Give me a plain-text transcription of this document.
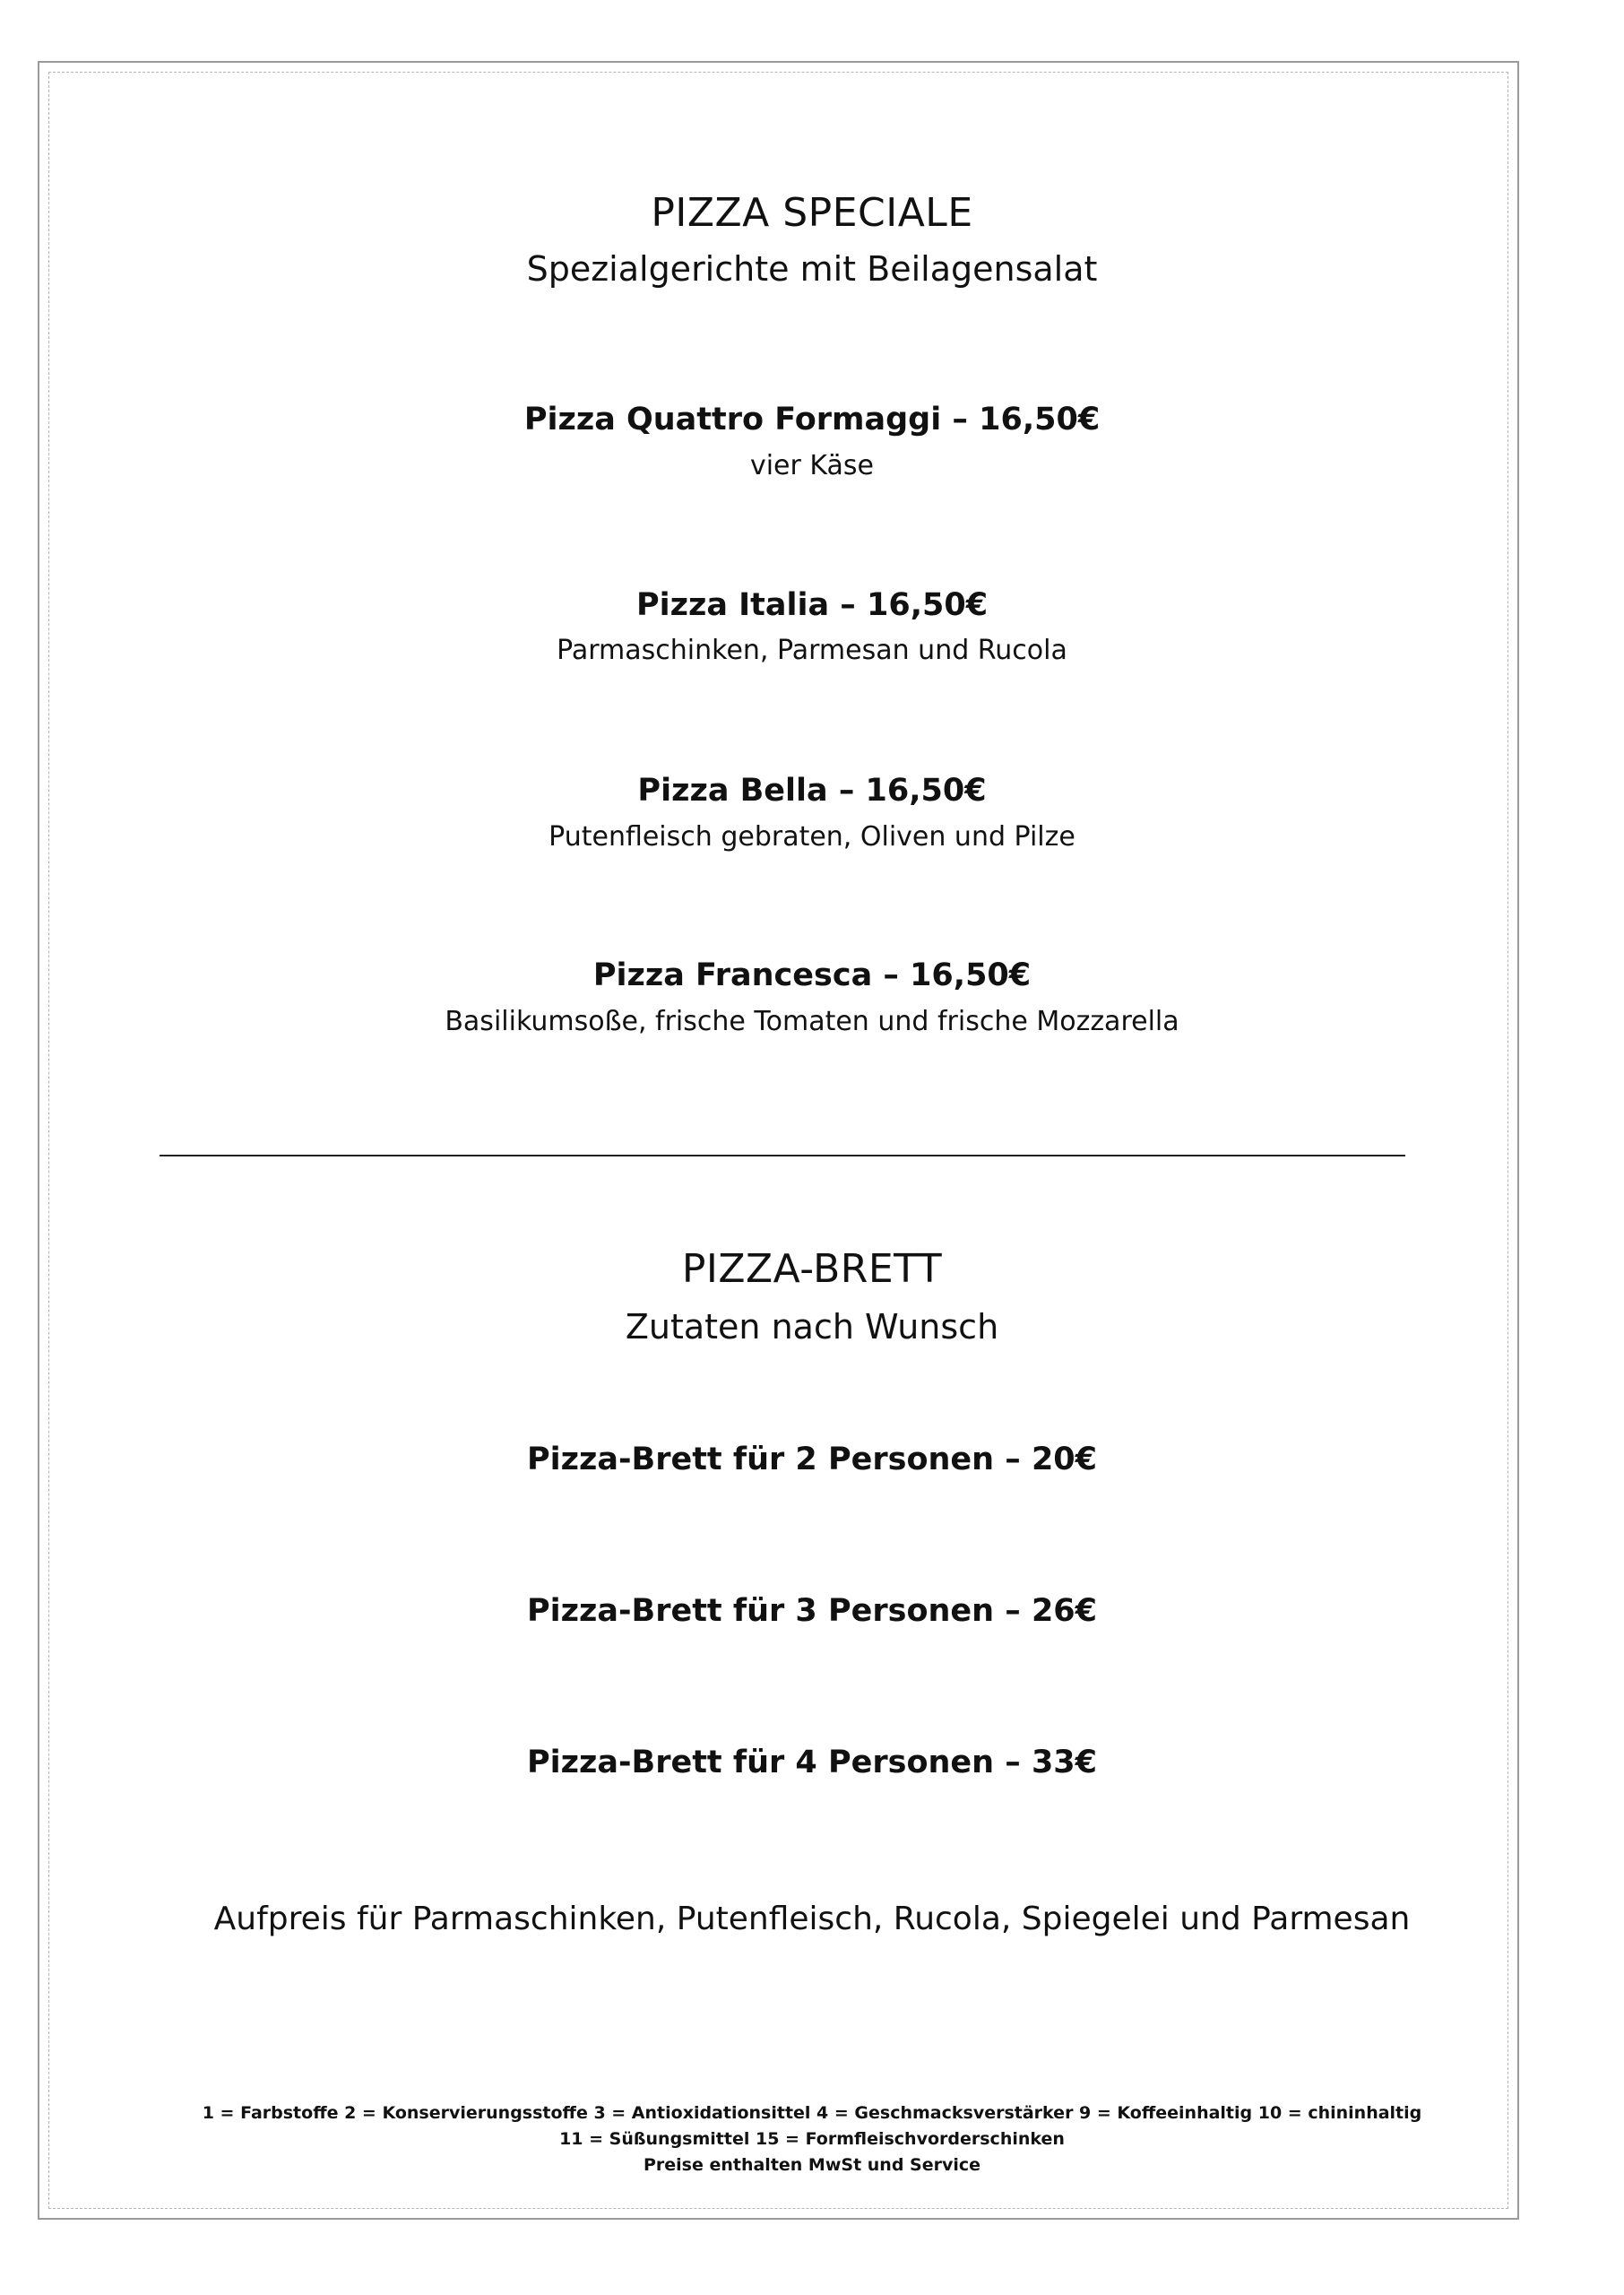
PIZZA SPECIALE
Spezialgerichte mit Beilagensalat
Pizza Quattro Formaggi – 16,50€
vier Käse
Pizza Italia – 16,50€
Parmaschinken, Parmesan und Rucola
Pizza Bella – 16,50€
Putenfleisch gebraten, Oliven und Pilze
Pizza Francesca – 16,50€
Basilikumsoße, frische Tomaten und frische Mozzarella
PIZZA-BRETT
Zutaten nach Wunsch
Pizza-Brett für 2 Personen – 20€
Pizza-Brett für 3 Personen – 26€
Pizza-Brett für 4 Personen – 33€
Aufpreis für Parmaschinken, Putenfleisch, Rucola, Spiegelei und Parmesan
1 = Farbstoffe 2 = Konservierungsstoffe 3 = Antioxidationsittel 4 = Geschmacksverstärker 9 = Koffeeinhaltig 10 = chininhaltig
11 = Süßungsmittel 15 = Formfleischvorderschinken
Preise enthalten MwSt und Service
